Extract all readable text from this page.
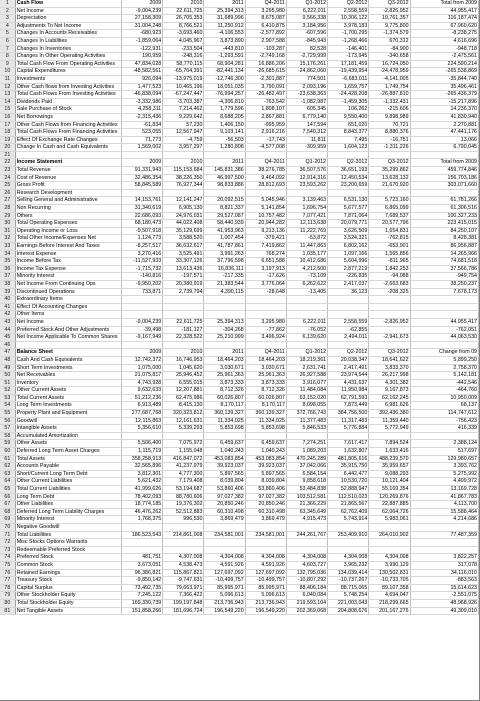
1	Cash Flow	2009	2010	2011	Q4-2011	Q1-2012	Q2-2012	Q3-2012	Total from 2009
2	Net Income	-9,004,239	22,611,725	25,394,313	3,295,980	6,222,011	2,558,559	-2,826,952	44,955,417
3	Depreciation	27,158,309	26,705,353	31,689,996	8,675,087	9,566,338	10,306,122	10,761,357	116,187,474
4	Adjustments To Net Income	31,004,248	8,766,521	11,250,912	6,410,875	3,184,956	3,978,183	9,775,800	67,960,620
5	Changes In Accounts Receivables	-680,923	-3,693,460	-4,106,553	-2,577,892	-607,596	-1,700,295	-1,374,579	-8,238,275
6	Changes In Liabilities	-1,859,064	4,045,967	3,873,890	2,907,588	-845,943	-1,268,466	670,312	4,616,696
7	Changes In Inventories	-122,931	-233,504	-443,810	-103,287	82,528	-146,401	-84,900	-948,718
8	Changes In Other Operating Activities	190,959	-248,316	-1,293,591	-2,749,168	-2,729,999	-173,945	-340,658	-2,475,561
9	Total Cash Flow From Operating Activities	47,834,028	58,770,115	68,904,281	16,886,206	15,176,261	17,181,459	16,724,050	224,590,214
10	Capital Expenditures	-48,582,561	-65,764,391	-82,441,134	-26,685,615	-24,862,060	-19,439,954	-24,478,959	-265,538,869
11	Investments	926,094	-13,975,019	-12,746,300	-2,301,887	774,501	-6,683,011	-4,141,005	-35,844,740
12	Other Cash flows from Investing Activities	1,477,523	10,465,196	18,051,035	3,790,091	2,093,196	1,659,757	1,749,754	35,496,461
13	Total Cash Flows From Investing Activities	-46,838,094	-67,247,447	-76,994,257	-26,482,497	-23,638,363	-24,428,208	-26,887,810	-265,436,379
14	Dividends Paid	-3,332,986	-3,703,387	-4,306,810	-763,542	-1,082,987	-1,459,305	-1,332,431	-15,217,896
15	Sale Purchase of Stock	4,258,311	7,214,462	1,779,596	1,808,107	605,345	106,262	-215,606	14,236,370
16	Net Borrowings	-2,315,436	9,229,642	8,688,205	2,867,881	6,779,140	9,550,400	9,898,989	41,830,940
17	Other Cash Flows from Financing Activities	-61,834	57,230	1,406,150	-995,959	147,594	651,020	70,721	2,270,881
18	Total Cash Flows From Financing Activities	523,055	12,567,947	9,103,141	2,916,216	7,540,312	8,843,377	8,880,376	47,441,176
19	Effect Of Exchange Rate Changes	71,773	-4,759	-56,503	-17,743	11,811	7,495	-16,751	13,066
20	Change In Cash and Cash Equivalents	1,569,002	3,957,297	1,280,808	-4,577,008	-309,959	1,604,123	-1,311,226	6,790,045
21									
22	Income Statement	2009	2010	2011	Q4-2011	Q1-2012	Q2-2012	Q3-2012	Total from 2009
23	Total Revenue	91,331,943	115,153,684	145,831,386	38,276,785	36,507,576	36,651,193	35,299,862	459,774,846
24	Cost of Revenue	32,486,354	38,226,350	46,997,500	9,464,092	12,914,316	12,450,534	13,628,132	156,703,186
25	Gross Profit	58,845,589	76,927,344	98,833,886	28,812,693	23,593,262	23,200,659	21,670,920	303,071,660
26	Research Development								
27	Selling General and Administrative	14,153,761	12,141,247	20,092,515	5,045,946	3,139,463	6,531,130	5,723,160	61,781,266
28	Non Recurring	31,340,619	6,905,130	8,821,337	5,141,854	1,696,754	5,677,577	6,865,099	61,306,516
29	Others	22,686,093	24,976,031	29,527,087	10,757,482	7,077,421	7,871,064	7,689,537	100,327,233
30	Total Operating Expenses	68,180,473	44,022,408	58,440,939	20,944,282	12,113,638	20,079,771	20,577,796	223,415,015
31	Operating Income or Loss	-9,507,918	35,129,699	41,953,963	9,213,136	11,222,769	3,626,509	1,654,831	84,250,107
32	Total Other Income/Expenses Net	1,124,773	3,588,520	1,007,454	-379,421	-53,872	3,524,321	-762,815	8,428,381
33	Earnings Before Interest And Taxes	-8,257,517	36,632,617	41,787,861	7,419,862	11,447,863	6,802,162	-653,901	86,956,887
34	Interest Expense	3,270,416	3,525,491	3,991,263	768,274	1,035,177	1,097,166	1,565,856	14,265,966
35	Income Before Tax	-11,527,933	33,307,126	37,796,598	6,651,588	10,412,686	5,604,996	-811,965	74,681,518
36	Income Tax Expense	-1,715,732	13,613,436	16,836,111	3,197,913	4,212,500	2,877,219	1,842,253	37,566,786
37	Minority Interest	-140,816	-197,571	-217,335	-17,626	-73,109	-226,835	-94,088	-949,754
38	Net Income From Continuing Ops	-9,950,202	20,380,919	21,383,544	3,776,064	6,262,622	2,417,037	-2,663,683	38,250,237
39	Discontinued Operations	733,871	2,739,794	4,390,115	-28,648	-13,405	36,123	-208,325	7,678,173
40	Extraordinary Items								
41	Effect Of Accounting Changes								
42	Other Items								
43	Net Income	-9,004,239	22,611,725	25,394,313	3,295,980	6,222,011	2,558,559	-2,826,952	44,955,417
44	Preferred Stock And Other Adjustments	-39,498	-181,127	-304,268	-77,862	-76,052	-62,855		-762,051
45	Net Income Applicable To Common Shares	-9,167,949	22,328,522	25,210,999	3,496,924	6,139,620	2,494,011	-2,941,673	44,063,530
46									
47	Balance Sheet	2009	2010	2011	Q4-2011	Q1-2012	Q2-2012	Q3-2012	Change from 09
48	Cash And Cash Equivalents	12,742,372	16,746,953	18,464,203	18,464,203	18,219,361	20,038,347	18,641,622	5,899,250
49	Short Term Investments	1,075,000	1,045,620	3,030,671	3,030,671	2,631,741	2,417,491	3,833,370	2,758,370
50	Net Receivables	21,075,817	25,946,452	25,961,363	25,961,363	26,927,588	23,974,544	26,217,998	5,142,181
51	Inventory	4,743,928	6,555,015	3,873,333	3,873,333	3,916,077	4,431,637	4,301,382	-442,546
52	Other Current Assets	9,632,633	12,207,881	8,712,326	8,712,326	11,484,084	11,950,984	9,167,873	-464,760
53	Total Current Assets	51,212,236	62,475,986	60,026,807	60,026,807	63,152,020	62,791,593	62,162,245	10,950,009
54	Long Term Investments	6,913,489	8,415,130	8,170,117	8,170,117	8,098,055	7,873,449	6,981,626	68,137
55	Property Plant and Equipment	277,687,768	320,323,812	360,139,327	360,139,327	372,766,743	384,756,500	392,436,380	114,747,612
56	Goodwill	12,115,863	12,161,631	11,334,025	11,334,025	11,377,483	11,317,483	11,359,440	-756,423
57	Intangible Assets	5,356,610	5,339,293	5,853,698	5,853,698	5,846,533	5,776,884	5,772,949	416,339
58	Accumulated Amortization								
59	Other Assets	5,506,400	7,075,972	6,459,637	6,459,637	7,274,251	7,617,417	7,894,524	2,388,124
60	Deferred Long Term Asset Charges	1,115,719	1,155,048	1,040,243	1,040,243	1,089,203	1,632,807	1,633,416	517,697
61	Total Assets	358,258,913	416,847,072	453,083,854	453,083,854	470,245,289	481,805,616	488,239,570	129,980,657
62	Accounts Payable	32,565,896	41,237,979	39,923,037	39,923,037	37,042,066	35,915,750	35,959,657	3,393,762
63	Short/Current Long Term Debt	3,812,301	4,777,300	5,897,565	5,897,565	6,584,154	6,442,477	9,088,293	5,275,992
64	Other Current Liabilities	5,621,432	7,179,408	8,039,804	8,039,804	9,858,618	10,530,720	10,121,404	4,499,972
65	Total Current Liabilities	41,999,626	53,194,687	53,860,406	53,860,406	53,484,838	52,888,947	55,169,354	13,169,728
66	Long Term Debt	78,402,093	88,780,606	97,027,382	97,027,382	103,512,581	112,510,023	120,269,876	41,867,783
67	Other Liabilities	18,774,185	19,376,302	20,850,246	20,850,246	21,366,229	21,865,567	22,887,885	4,113,700
68	Deferred Long Term Liability Charges	46,476,262	52,512,883	60,310,498	60,310,498	63,345,649	62,762,409	62,064,726	15,588,464
69	Minority Interest	1,768,375	996,530	3,869,479	3,869,479	4,915,473	5,743,914	5,983,061	4,214,686
70	Negative Goodwill								
71	Total Liabilities	186,523,543	214,861,008	234,581,001	234,581,001	244,261,767	253,409,910	264,010,902	77,487,359
72	Misc Stocks Options Warrants								
73	Redeemable Preferred Stock								
74	Preferred Stock	481,751	4,307,008	4,304,008	4,304,008	4,304,008	4,304,008	4,304,008	3,822,257
75	Common Stock	3,673,051	4,538,473	4,591,926	4,591,926	4,603,727	3,965,232	3,990,129	317,078
76	Retained Earnings	96,386,821	115,867,821	127,697,092	127,697,092	132,795,036	134,039,414	130,502,831	34,116,010
77	Treasury Stock	-9,850,142	-9,747,631	-10,499,757	-10,499,757	-10,807,292	-10,737,267	-10,733,705	-883,563
78	Capital Surplus	73,492,735	79,663,971	85,995,971	85,995,971	88,406,184	88,715,065	89,107,358	15,614,623
79	Other Stockholder Equity	7,245,122	7,366,422	5,096,613	5,096,613	6,040,084	5,748,254	4,694,047	-2,551,075
80	Total Stockholder Equity	169,330,739	199,197,848	213,736,943	213,736,943	219,593,104	221,003,043	218,299,665	48,968,926
81	Net Tangible Assets	151,858,266	181,696,724	196,549,220	196,549,220	202,369,068	204,808,676	201,167,276	49,309,010
